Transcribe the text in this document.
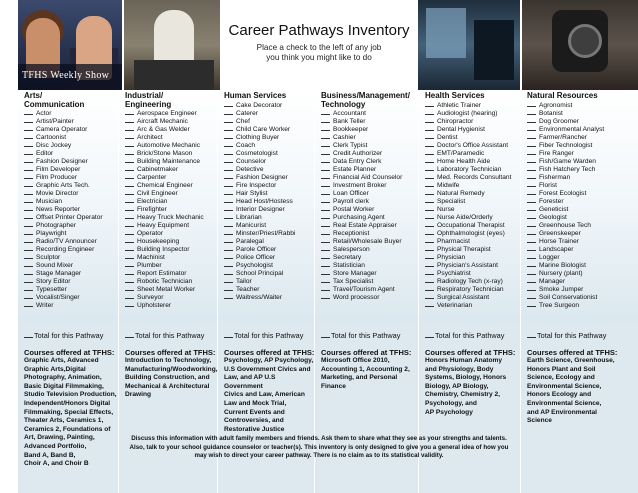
TFHS Weekly Show
Career Pathways Inventory
Place a check to the left of any job
you think you might like to do
Arts/
Communication
Actor
Artist/Painter
Camera Operator
Cartoonist
Disc Jockey
Editor
Fashion Designer
Film Developer
Film Producer
Graphic Arts Tech.
Movie Director
Musician
News Reporter
Offset Printer Operator
Photographer
Playwright
Radio/TV Announcer
Recording Engineer
Sculptor
Sound Mixer
Stage Manager
Story Editor
Typesetter
Vocalist/Singer
Writer
Total for this Pathway
Courses offered at TFHS:
Graphic Arts, Advanced
Graphic Arts,Digital
Photography, Animation,
Basic Digital Filmmaking,
Studio Television Production,
Independent/Honors Digital
Filmmaking, Special Effects,
Theater Arts, Ceramics 1,
Ceramics 2, Foundations of
Art, Drawing, Painting,
Advanced Portfolio,
Band A, Band B,
Choir A, and Choir B
Industrial/
Engineering
Aerospace Engineer
Aircraft Mechanic
Arc & Gas Welder
Architect
Automotive Mechanic
Brick/Stone Mason
Building Maintenance
Cabinetmaker
Carpenter
Chemical Engineer
Civil Engineer
Electrician
Firefighter
Heavy Truck Mechanic
Heavy Equipment
Operator
Housekeeping
Building Inspector
Machinist
Plumber
Report Estimator
Robotic Technician
Sheet Metal Worker
Surveyor
Upholsterer
Total for this Pathway
Courses offered at TFHS:
Introduction to Technology,
Manufacturing/Woodworking,
Building Construction, and
Mechanical & Architectural
Drawing
Human Services
Cake Decorator
Caterer
Chef
Child Care Worker
Clothing Buyer
Coach
Cosmetologist
Counselor
Detective
Fashion Designer
Fire Inspector
Hair Stylist
Head Host/Hostess
Interior Designer
Librarian
Manicurist
Minster/Priest/Rabbi
Paralegal
Parole Officer
Police Officer
Psychologist
School Principal
Tailor
Teacher
Waitress/Waiter
Total for this Pathway
Courses offered at TFHS:
Psychology, AP Psychology,
U.S Government Civics and
Law, and AP U.S Government
Civics and Law, American
Law and Mock Trial,
Current Events and
Controversies, and
Restorative Justice
Business/Management/
Technology
Accountant
Bank Teller
Bookkeeper
Cashier
Clerk Typist
Credit Authorizer
Data Entry Clerk
Estate Planner
Financial Aid Counselor
Investment Broker
Loan Officer
Payroll clerk
Postal Worker
Purchasing Agent
Real Estate Appraiser
Receptionist
Retail/Wholesale Buyer
Salesperson
Secretary
Statistician
Store Manager
Tax Specialist
Travel/Tourism Agent
Word processor
Total for this Pathway
Courses offered at TFHS:
Microsoft Office 2010,
Accounting 1, Accounting 2,
Marketing, and Personal
Finance
Health Services
Athletic Trainer
Audiologist (hearing)
Chiropractor
Dental Hygienist
Dentist
Doctor's Office Assistant
EMT/Paramedic
Home Health Aide
Laboratory Technician
Med. Records Consultant
Midwife
Natural Remedy
Specialist
Nurse
Nurse Aide/Orderly
Occupational Therapist
Ophthalmologist (eyes)
Pharmacist
Physical Therapist
Physician
Physician's Assistant
Psychiatrist
Radiology Tech (x-ray)
Respiratory Technician
Surgical Assistant
Veterinarian
Total for this Pathway
Courses offered at TFHS:
Honors Human Anatomy
and Physiology, Body
Systems, Biology, Honors
Biology, AP Biology,
Chemistry, Chemistry 2,
Psychology, and
AP Psychology
Natural Resources
Agronomist
Botanist
Dog Groomer
Environmental Analyst
Farmer/Rancher
Fiber Technologist
Fire Ranger
Fish/Game Warden
Fish Hatchery Tech
Fisherman
Florist
Forest Ecologist
Forester
Geneticist
Geologist
Greenhouse Tech
Greenskeeper
Horse Trainer
Landscaper
Logger
Marine Biologist
Nursery (plant)
Manager
Smoke Jumper
Soil Conservationist
Tree Surgeon
Total for this Pathway
Courses offered at TFHS:
Earth Science, Greenhouse,
Honors Plant and Soil
Science, Ecology and
Environmental Science,
Honors Ecology and
Environmental Science,
and AP Environmental
Science
Discuss this information with adult family members and friends. Ask them to share what they see as your strengths and talents.
Also, talk to your school guidance counselor or teacher(s). This inventory is only designed to give you a general idea of how you
may wish to direct your career pathway. There is no claim as to its statistical validity.
